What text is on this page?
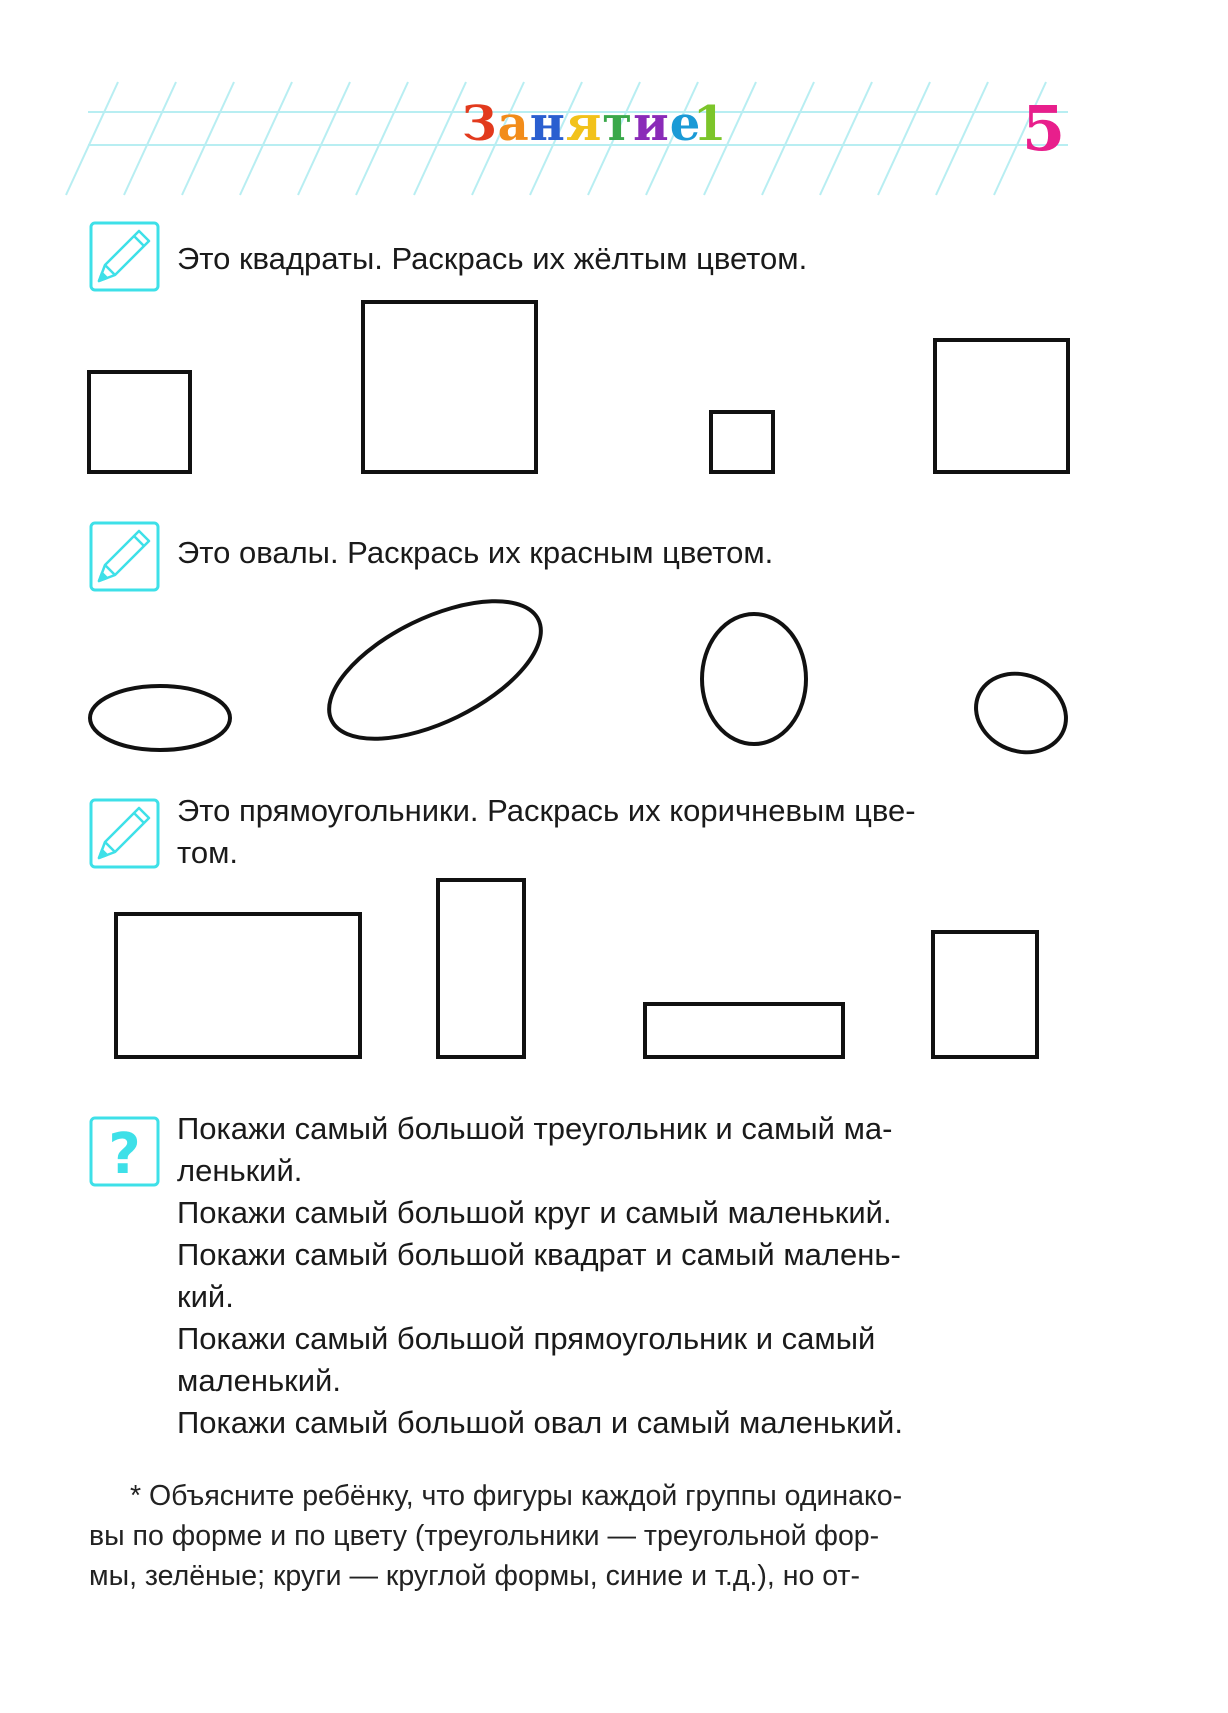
Занятие
1	5
?
Это квадраты. Раскрась их жёлтым цветом.
Это овалы. Раскрась их красным цветом.
Это прямоугольники. Раскрась их коричневым цве-
том.
Покажи самый большой треугольник и самый ма-
ленький.
Покажи самый большой круг и самый маленький.
Покажи самый большой квадрат и самый малень-
кий.
Покажи самый большой прямоугольник и самый
маленький.
Покажи самый большой овал и самый маленький.
* Объясните ребёнку, что фигуры каждой группы одинако-
вы по форме и по цвету (треугольники — треугольной фор-
мы, зелёные; круги — круглой формы, синие и т.д.), но от-
